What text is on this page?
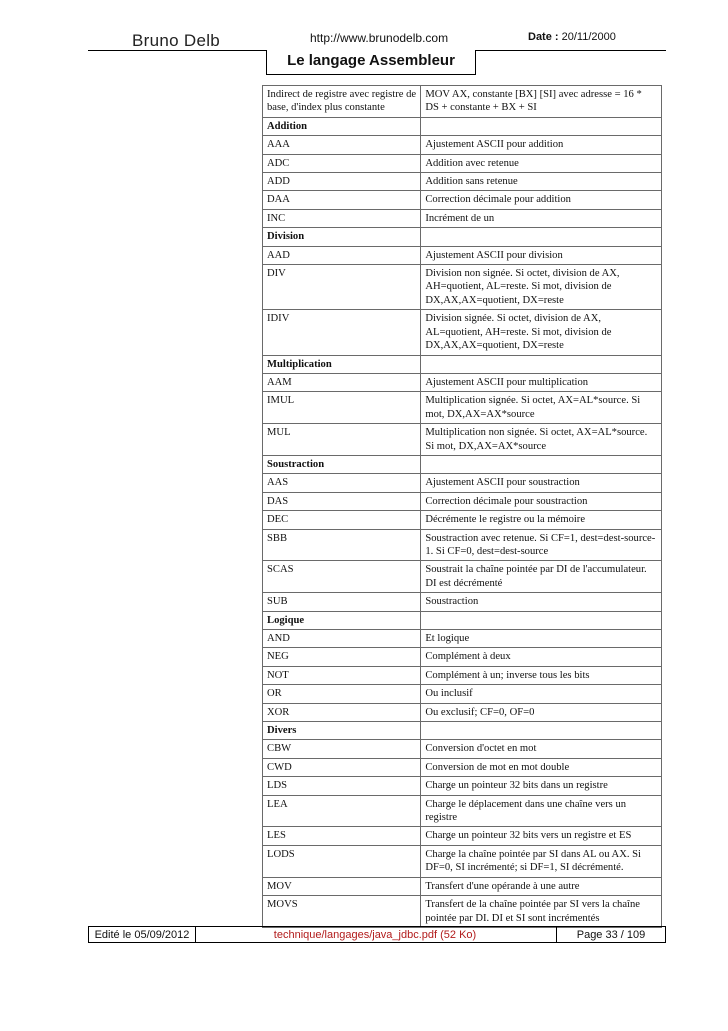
Bruno Delb	http://www.brunodelb.com	Date : 20/11/2000
Le langage Assembleur
Indirect de registre avec registre de base, d'index plus constante	MOV AX, constante [BX] [SI] avec adresse = 16 * DS + constante + BX + SI
Addition	
AAA	Ajustement ASCII pour addition
ADC	Addition avec retenue
ADD	Addition sans retenue
DAA	Correction décimale pour addition
INC	Incrément de un
Division	
AAD	Ajustement ASCII pour division
DIV	Division non signée. Si octet, division de AX, AH=quotient, AL=reste. Si mot, division de DX,AX,AX=quotient, DX=reste
IDIV	Division signée. Si octet, division de AX, AL=quotient, AH=reste. Si mot, division de DX,AX,AX=quotient, DX=reste
Multiplication	
AAM	Ajustement ASCII pour multiplication
IMUL	Multiplication signée. Si octet, AX=AL*source. Si mot, DX,AX=AX*source
MUL	Multiplication non signée. Si octet, AX=AL*source. Si mot, DX,AX=AX*source
Soustraction	
AAS	Ajustement ASCII pour soustraction
DAS	Correction décimale pour soustraction
DEC	Décrémente le registre ou la mémoire
SBB	Soustraction avec retenue. Si CF=1, dest=dest-source-1. Si CF=0, dest=dest-source
SCAS	Soustrait la chaîne pointée par DI de l'accumulateur. DI est décrémenté
SUB	Soustraction
Logique	
AND	Et logique
NEG	Complément à deux
NOT	Complément à un; inverse tous les bits
OR	Ou inclusif
XOR	Ou exclusif; CF=0, OF=0
Divers	
CBW	Conversion d'octet en mot
CWD	Conversion de mot en mot double
LDS	Charge un pointeur 32 bits dans un registre
LEA	Charge le déplacement dans une chaîne vers un registre
LES	Charge un pointeur 32 bits vers un registre et ES
LODS	Charge la chaîne pointée par SI dans AL ou AX. Si DF=0, SI incrémenté; si DF=1, SI décrémenté.
MOV	Transfert d'une opérande à une autre
MOVS	Transfert de la chaîne pointée par SI vers la chaîne pointée par DI. DI et SI sont incrémentés
Edité le 05/09/2012	technique/langages/java_jdbc.pdf (52 Ko)	Page 33 / 109
